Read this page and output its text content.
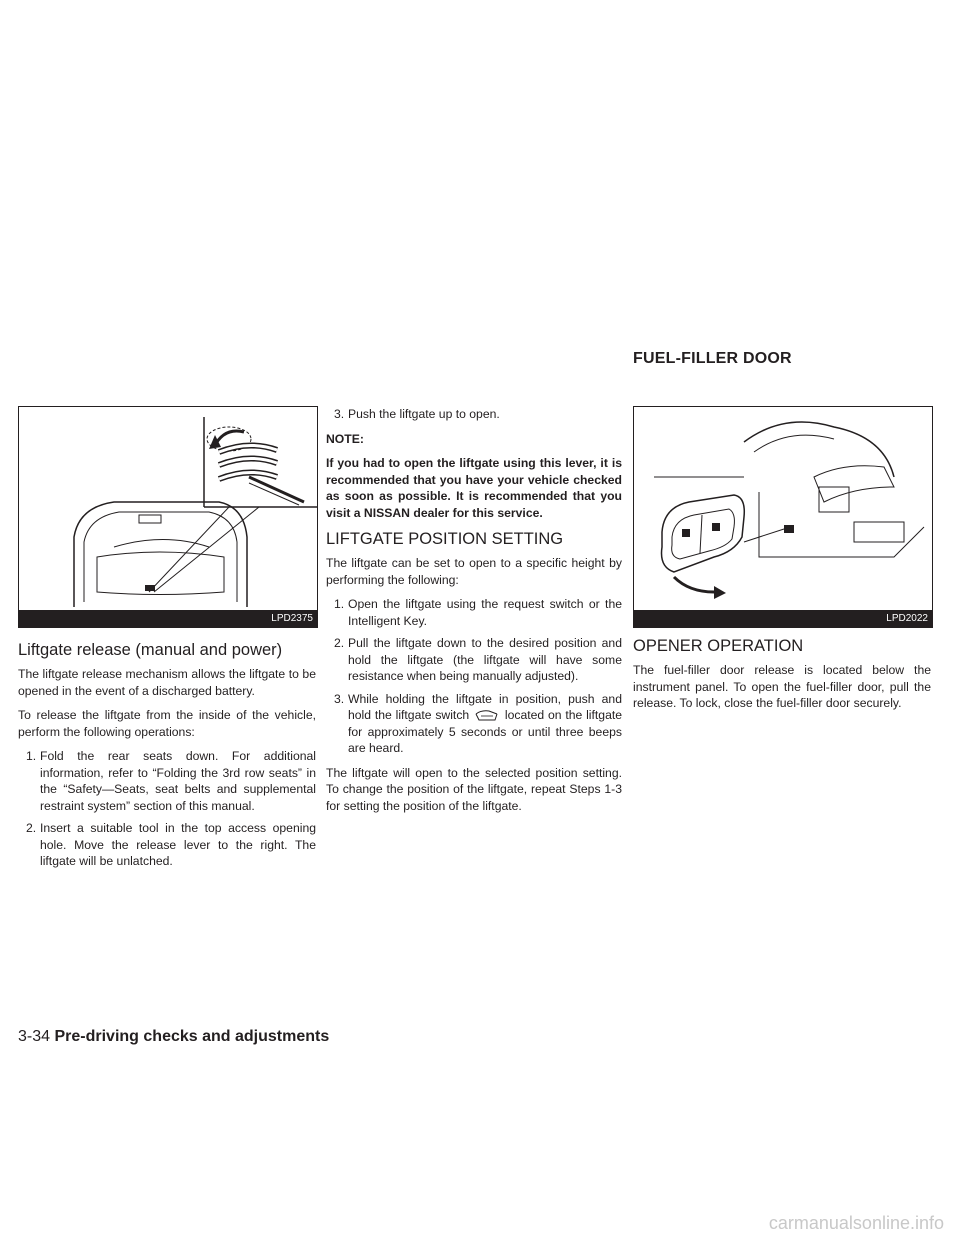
FUEL-FILLER DOOR
LPD2375	LPD2022
Liftgate release (manual and power)

The liftgate release mechanism allows the liftgate to be opened in the event of a discharged battery.

To release the liftgate from the inside of the vehicle, perform the following operations:

1. Fold the rear seats down. For additional information, refer to “Folding the 3rd row seats” in the “Safety—Seats, seat belts and supplemental restraint system” section of this manual.
2. Insert a suitable tool in the top access opening hole. Move the release lever to the right. The liftgate will be unlatched.
3. Push the liftgate up to open.

NOTE:

If you had to open the liftgate using this lever, it is recommended that you have your vehicle checked as soon as possible. It is recommended that you visit a NISSAN dealer for this service.

LIFTGATE POSITION SETTING

The liftgate can be set to open to a specific height by performing the following:

1. Open the liftgate using the request switch or the Intelligent Key.
2. Pull the liftgate down to the desired position and hold the liftgate (the liftgate will have some resistance when being manually adjusted).
3. While holding the liftgate in position, push and hold the liftgate switch	located on the liftgate for approximately 5 seconds or until three beeps are heard.

The liftgate will open to the selected position setting. To change the position of the liftgate, repeat Steps 1-3 for setting the position of the liftgate.

OPENER OPERATION

The fuel-filler door release is located below the instrument panel. To open the fuel-filler door, pull the release. To lock, close the fuel-filler door securely.

3-34 Pre-driving checks and adjustments
carmanualsonline.info
